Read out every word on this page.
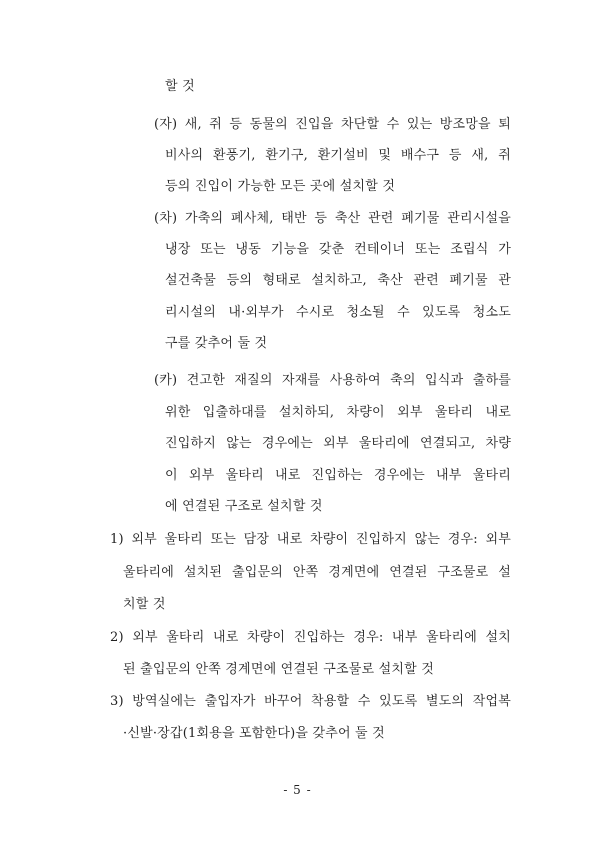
할 것
(자) 새, 쥐 등 동물의 진입을 차단할 수 있는 방조망을 퇴
비사의 환풍기, 환기구, 환기설비 및 배수구 등 새, 쥐
등의 진입이 가능한 모든 곳에 설치할 것
(차) 가축의 폐사체, 태반 등 축산 관련 폐기물 관리시설을
냉장 또는 냉동 기능을 갖춘 컨테이너 또는 조립식 가
설건축물 등의 형태로 설치하고, 축산 관련 폐기물 관
리시설의 내·외부가 수시로 청소될 수 있도록 청소도
구를 갖추어 둘 것
(카) 견고한 재질의 자재를 사용하여 축의 입식과 출하를
위한 입출하대를 설치하되, 차량이 외부 울타리 내로
진입하지 않는 경우에는 외부 울타리에 연결되고, 차량
이 외부 울타리 내로 진입하는 경우에는 내부 울타리
에 연결된 구조로 설치할 것
1) 외부 울타리 또는 담장 내로 차량이 진입하지 않는 경우: 외부
울타리에 설치된 출입문의 안쪽 경계면에 연결된 구조물로 설
치할 것
2) 외부 울타리 내로 차량이 진입하는 경우: 내부 울타리에 설치
된 출입문의 안쪽 경계면에 연결된 구조물로 설치할 것
3) 방역실에는 출입자가 바꾸어 착용할 수 있도록 별도의 작업복
·신발·장갑(1회용을 포함한다)을 갖추어 둘 것
- 5 -
